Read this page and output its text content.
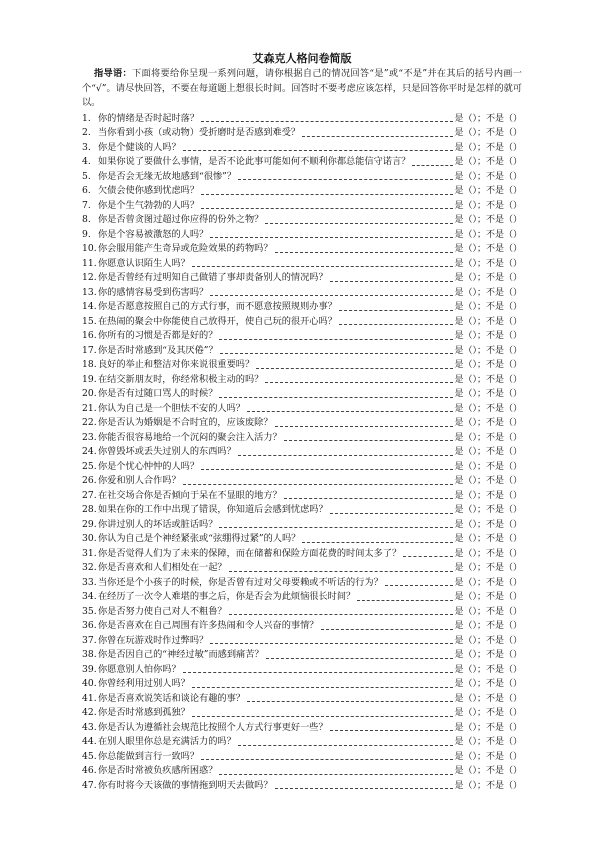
艾森克人格问卷简版

指导语：下面将要给你呈现一系列问题，请你根据自己的情况回答“是”或“不是”并在其后的括号内画一个“√”。请尽快回答，不要在每道题上想很长时间。回答时不要考虑应该怎样，只是回答你平时是怎样的就可以。

1. 你的情绪是否时起时落？	是（）；不是（）
2. 当你看到小孩（或动物）受折磨时是否感到难受？	是（）；不是（）
3. 你是个健谈的人吗？	是（）；不是（）
4. 如果你说了要做什么事情，是否不论此事可能如何不顺利你都总能信守诺言？	是（）；不是（）
5. 你是否会无缘无故地感到“很惨”？	是（）；不是（）
6. 欠债会使你感到忧虑吗？	是（）；不是（）
7. 你是个生气勃勃的人吗？	是（）；不是（）
8. 你是否曾贪图过超过你应得的份外之物？	是（）；不是（）
9. 你是个容易被激怒的人吗？	是（）；不是（）
10. 你会服用能产生奇异或危险效果的药物吗？	是（）；不是（）
11. 你愿意认识陌生人吗？	是（）；不是（）
12. 你是否曾经有过明知自己做错了事却责备别人的情况吗？	是（）；不是（）
13. 你的感情容易受到伤害吗？	是（）；不是（）
14. 你是否愿意按照自己的方式行事，而不愿意按照规则办事？	是（）；不是（）
15. 在热闹的聚会中你能使自己放得开，使自己玩的很开心吗？	是（）；不是（）
16. 你所有的习惯是否都是好的？	是（）；不是（）
17. 你是否时常感到“及其厌倦”？	是（）；不是（）
18. 良好的举止和整洁对你来说很重要吗？	是（）；不是（）
19. 在结交新朋友时，你经常积极主动的吗？	是（）；不是（）
20. 你是否有过随口骂人的时候？	是（）；不是（）
21. 你认为自己是一个胆怯不安的人吗？	是（）；不是（）
22. 你是否认为婚姻是不合时宜的，应该废除？	是（）；不是（）
23. 你能否很容易地给一个沉闷的聚会注入活力？	是（）；不是（）
24. 你曾毁坏或丢失过别人的东西吗？	是（）；不是（）
25. 你是个忧心忡忡的人吗？	是（）；不是（）
26. 你爱和别人合作吗？	是（）；不是（）
27. 在社交场合你是否倾向于呆在不显眼的地方？	是（）；不是（）
28. 如果在你的工作中出现了错误，你知道后会感到忧虑吗？	是（）；不是（）
29. 你讲过别人的坏话或脏话吗？	是（）；不是（）
30. 你认为自己是个神经紧张或“弦绷得过紧”的人吗？	是（）；不是（）
31. 你是否觉得人们为了未来的保障，而在储蓄和保险方面花费的时间太多了？	是（）；不是（）
32. 你是否喜欢和人们相处在一起？	是（）；不是（）
33. 当你还是个小孩子的时候，你是否曾有过对父母要赖或不听话的行为？	是（）；不是（）
34. 在经历了一次令人难堪的事之后，你是否会为此烦恼很长时间？	是（）；不是（）
35. 你是否努力使自己对人不粗鲁？	是（）；不是（）
36. 你是否喜欢在自己周围有许多热闹和令人兴奋的事情？	是（）；不是（）
37. 你曾在玩游戏时作过弊吗？	是（）；不是（）
38. 你是否因自己的“神经过敏”而感到痛苦？	是（）；不是（）
39. 你愿意别人怕你吗？	是（）；不是（）
40. 你曾经利用过别人吗？	是（）；不是（）
41. 你是否喜欢说笑话和谈论有趣的事？	是（）；不是（）
42. 你是否时常感到孤独？	是（）；不是（）
43. 你是否认为遵循社会规范比按照个人方式行事更好一些？	是（）；不是（）
44. 在别人眼里你总是充满活力的吗？	是（）；不是（）
45. 你总能做到言行一致吗？	是（）；不是（）
46. 你是否时常被负疚感所困惑？	是（）；不是（）
47. 你有时将今天该做的事情拖到明天去做吗？	是（）；不是（）
